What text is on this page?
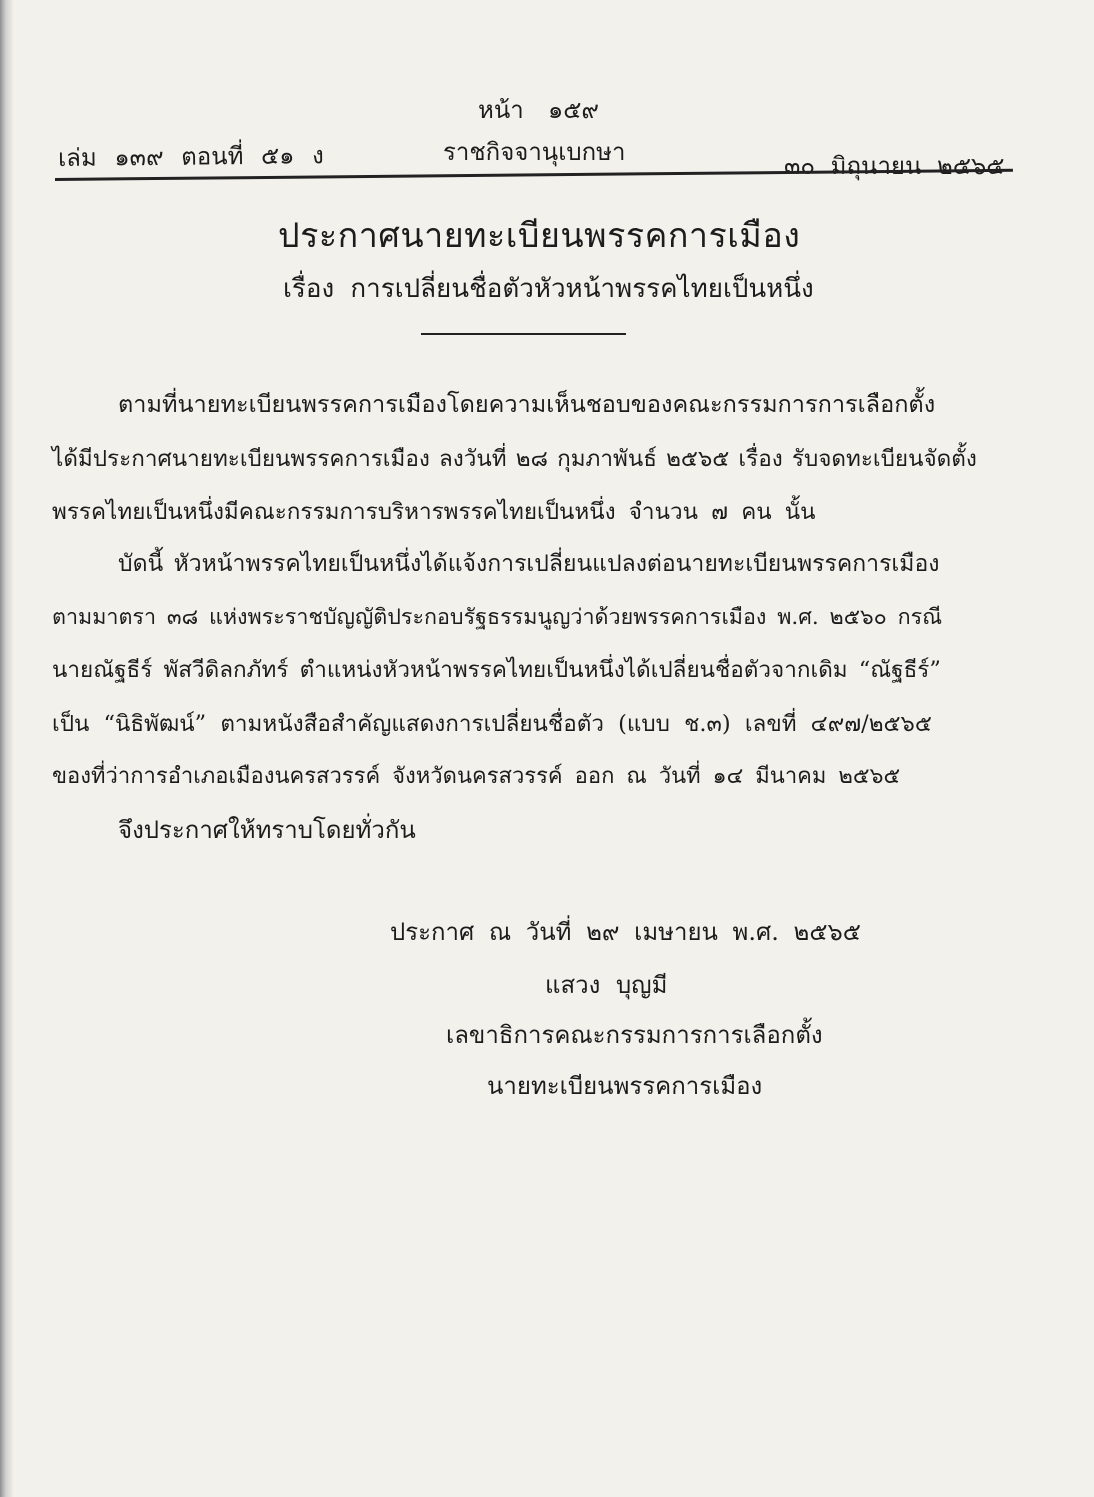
หน้า ๑๕๙
เล่ม ๑๓๙ ตอนที่ ๕๑ ง	ราชกิจจานุเบกษา	๓๐ มิถุนายน ๒๕๖๕
ประกาศนายทะเบียนพรรคการเมือง
เรื่อง การเปลี่ยนชื่อตัวหัวหน้าพรรคไทยเป็นหนึ่ง
ตามที่นายทะเบียนพรรคการเมืองโดยความเห็นชอบของคณะกรรมการการเลือกตั้ง
ได้มีประกาศนายทะเบียนพรรคการเมือง ลงวันที่ ๒๘ กุมภาพันธ์ ๒๕๖๕ เรื่อง รับจดทะเบียนจัดตั้ง
พรรคไทยเป็นหนึ่งมีคณะกรรมการบริหารพรรคไทยเป็นหนึ่ง จำนวน ๗ คน นั้น
บัดนี้ หัวหน้าพรรคไทยเป็นหนึ่งได้แจ้งการเปลี่ยนแปลงต่อนายทะเบียนพรรคการเมือง
ตามมาตรา ๓๘ แห่งพระราชบัญญัติประกอบรัฐธรรมนูญว่าด้วยพรรคการเมือง พ.ศ. ๒๕๖๐ กรณี
นายณัฐธีร์ พัสวีดิลกภัทร์ ตำแหน่งหัวหน้าพรรคไทยเป็นหนึ่งได้เปลี่ยนชื่อตัวจากเดิม “ณัฐธีร์”
เป็น “นิธิพัฒน์” ตามหนังสือสำคัญแสดงการเปลี่ยนชื่อตัว (แบบ ช.๓) เลขที่ ๔๙๗/๒๕๖๕
ของที่ว่าการอำเภอเมืองนครสวรรค์ จังหวัดนครสวรรค์ ออก ณ วันที่ ๑๔ มีนาคม ๒๕๖๕
จึงประกาศให้ทราบโดยทั่วกัน
ประกาศ ณ วันที่ ๒๙ เมษายน พ.ศ. ๒๕๖๕
แสวง บุญมี
เลขาธิการคณะกรรมการการเลือกตั้ง
นายทะเบียนพรรคการเมือง
